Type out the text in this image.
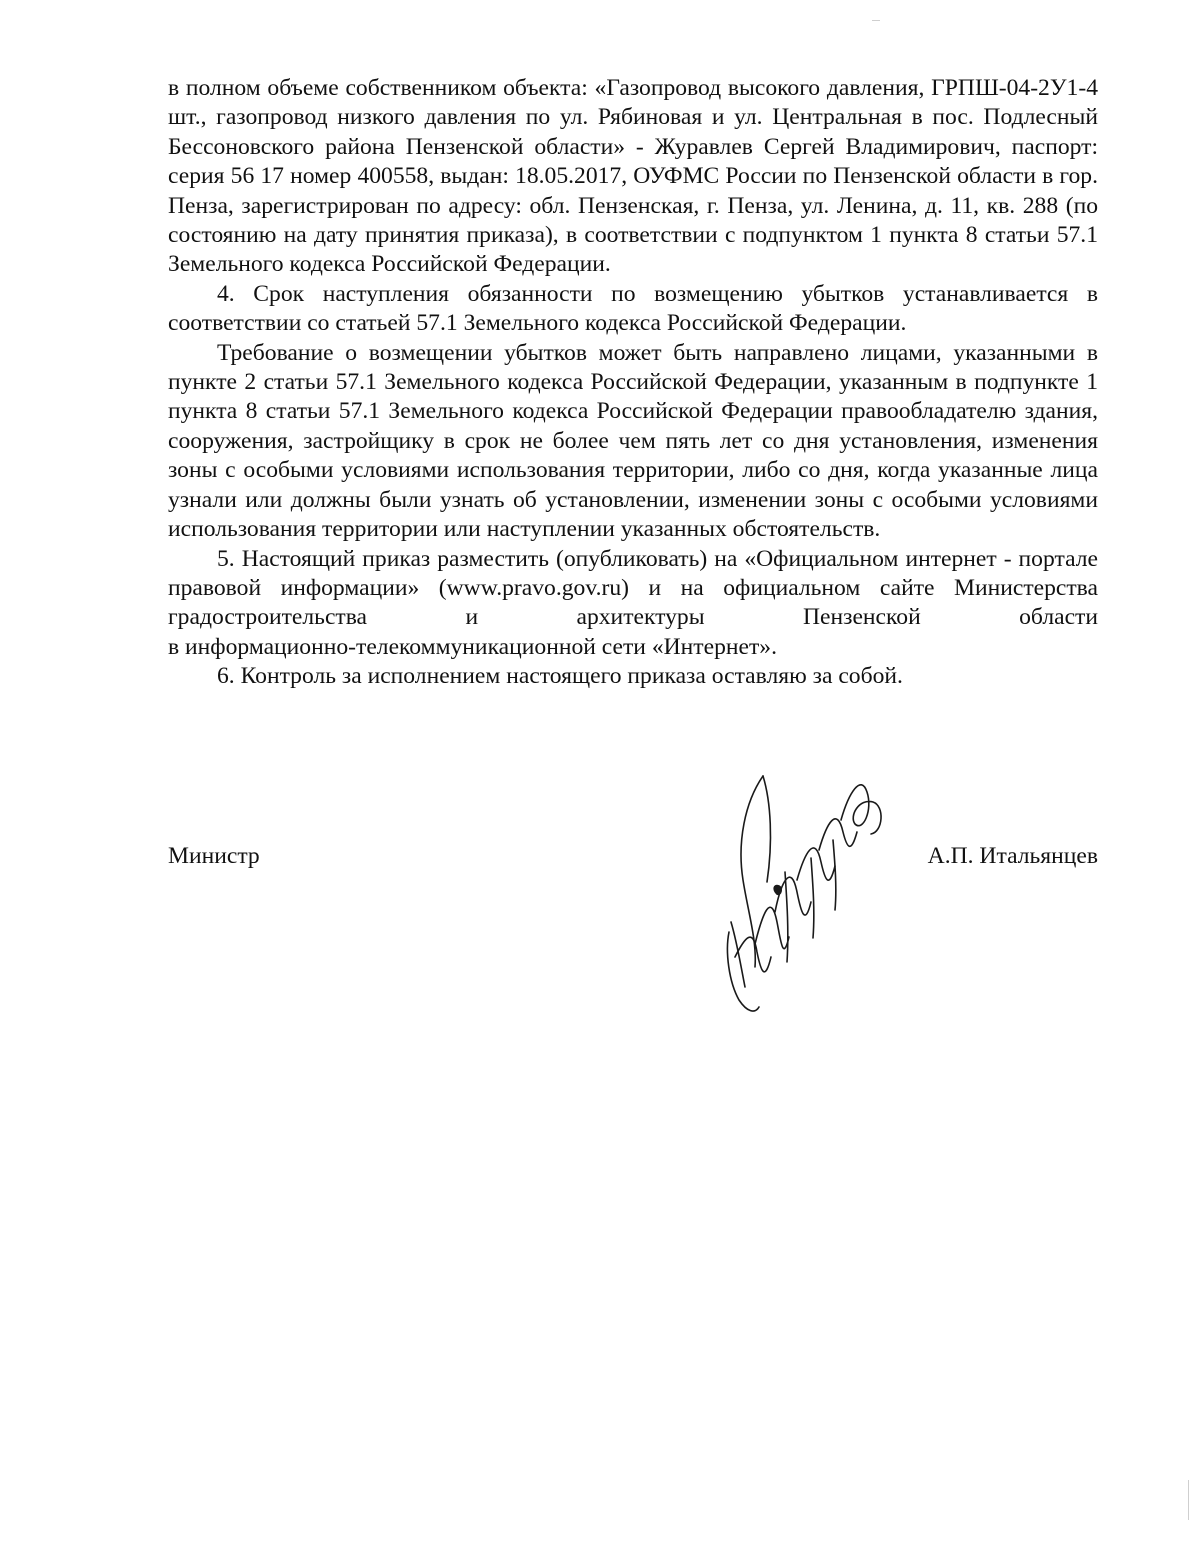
в полном объеме собственником объекта: «Газопровод высокого давления, ГРПШ-04-2У1-4 шт., газопровод низкого давления по ул. Рябиновая и ул. Центральная в пос. Подлесный Бессоновского района Пензенской области» - Журавлев Сергей Владимирович, паспорт: серия 56 17 номер 400558, выдан: 18.05.2017, ОУФМС России по Пензенской области в гор. Пенза, зарегистрирован по адресу: обл. Пензенская, г. Пенза, ул. Ленина, д. 11, кв. 288 (по состоянию на дату принятия приказа), в соответствии с подпунктом 1 пункта 8 статьи 57.1 Земельного кодекса Российской Федерации.

4. Срок наступления обязанности по возмещению убытков устанавливается в соответствии со статьей 57.1 Земельного кодекса Российской Федерации.

Требование о возмещении убытков может быть направлено лицами, указанными в пункте 2 статьи 57.1 Земельного кодекса Российской Федерации, указанным в подпункте 1 пункта 8 статьи 57.1 Земельного кодекса Российской Федерации правообладателю здания, сооружения, застройщику в срок не более чем пять лет со дня установления, изменения зоны с особыми условиями использования территории, либо со дня, когда указанные лица узнали или должны были узнать об установлении, изменении зоны с особыми условиями использования территории или наступлении указанных обстоятельств.

5. Настоящий приказ разместить (опубликовать) на «Официальном интернет - портале правовой информации» (www.pravo.gov.ru) и на официальном сайте Министерства градостроительства и архитектуры Пензенской области

в информационно-телекоммуникационной сети «Интернет».

6. Контроль за исполнением настоящего приказа оставляю за собой.

Министр	А.П. Итальянцев
